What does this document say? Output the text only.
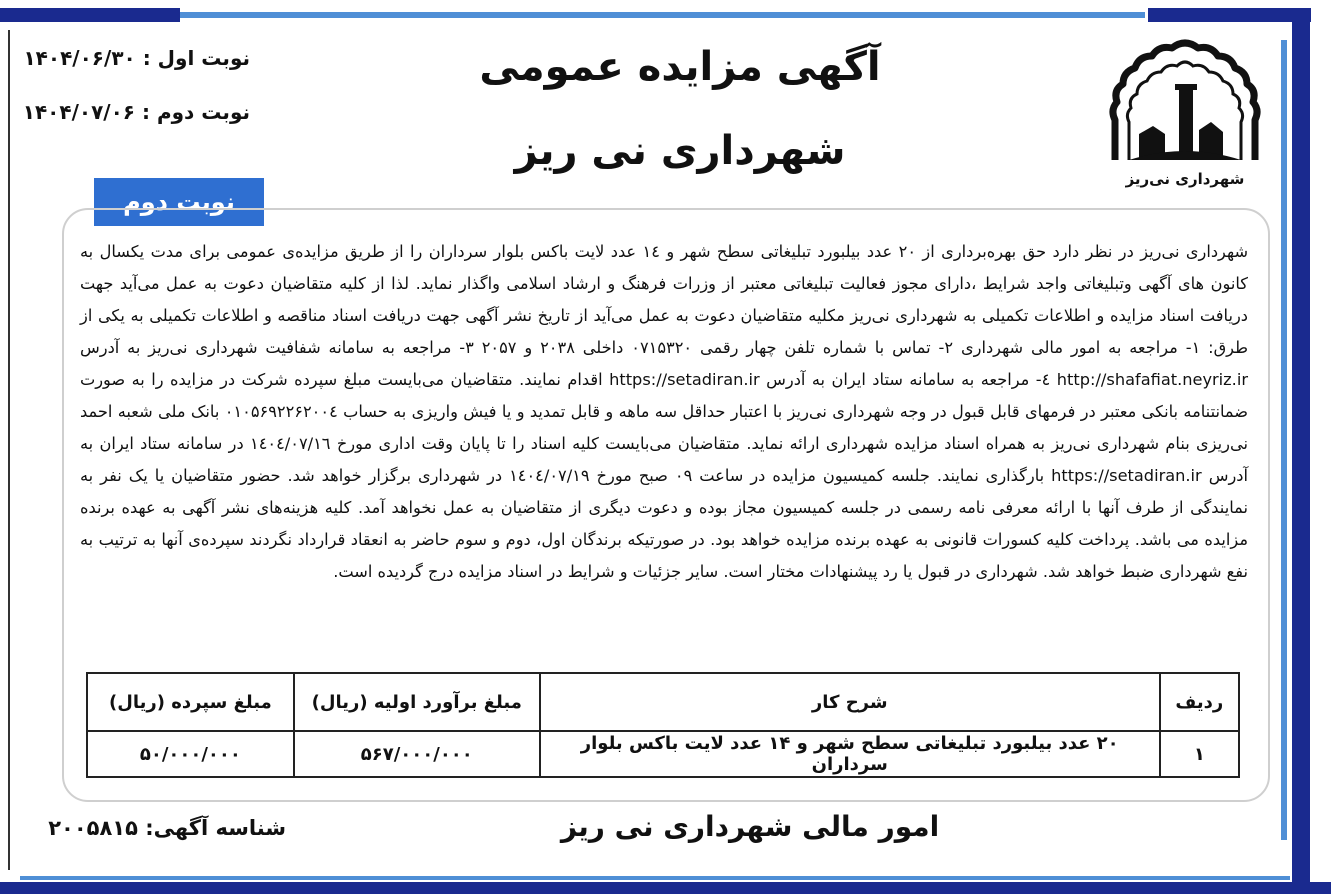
شهرداری نی‌ریز
آگهی مزایده عمومی
شهرداری نی ریز
نوبت اول : ۱۴۰۴/۰۶/۳۰
نوبت دوم : ۱۴۰۴/۰۷/۰۶
نوبت دوم
شهرداری نی‌ریز در نظر دارد حق بهره‌برداری از ۲۰ عدد بیلبورد تبلیغاتی سطح شهر و ۱٤ عدد لایت باکس بلوار سرداران را از طریق مزایده‌ی عمومی برای مدت یکسال به کانون های آگهی وتبلیغاتی واجد شرایط ،دارای مجوز فعالیت تبلیغاتی معتبر از وزرات فرهنگ و ارشاد اسلامی واگذار نماید. لذا از کلیه متقاضیان دعوت به عمل می‌آید جهت دریافت اسناد مزایده و اطلاعات تکمیلی به شهرداری نی‌ریز مکلیه متقاضیان دعوت به عمل می‌آید از تاریخ نشر آگهی جهت دریافت اسناد مناقصه و اطلاعات تکمیلی به یکی از طرق: ۱- مراجعه به امور مالی شهرداری ۲- تماس با شماره تلفن چهار رقمی ۰۷۱۵۳۲۰ داخلی ۲۰۳۸ و ۲۰۵۷ ۳- مراجعه به سامانه شفافیت شهرداری نی‌ریز به آدرس http://shafafiat.neyriz.ir ٤- مراجعه به سامانه ستاد ایران به آدرس https://setadiran.ir اقدام نمایند. متقاضیان می‌بایست مبلغ سپرده شرکت در مزایده را به صورت ضمانتنامه بانکی معتبر در فرمهای قابل قبول در وجه شهرداری نی‌ریز با اعتبار حداقل سه ماهه و قابل تمدید و یا فیش واریزی به حساب ۰۱۰۵۶۹۲۲۶۲۰۰٤ بانک ملی شعبه احمد نی‌ریزی بنام شهرداری نی‌ریز به همراه اسناد مزایده شهرداری ارائه نماید. متقاضیان می‌بایست کلیه اسناد را تا پایان وقت اداری مورخ ۱٤۰٤/۰۷/۱٦ در سامانه ستاد ایران به آدرس https://setadiran.ir بارگذاری نمایند. جلسه کمیسیون مزایده در ساعت ۰۹ صبح مورخ ۱٤۰٤/۰۷/۱۹ در شهرداری برگزار خواهد شد. حضور متقاضیان یا یک نفر به نمایندگی از طرف آنها با ارائه معرفی نامه رسمی در جلسه کمیسیون مجاز بوده و دعوت دیگری از متقاضیان به عمل نخواهد آمد. کلیه هزینه‌های نشر آگهی به عهده برنده مزایده می باشد. پرداخت کلیه کسورات قانونی به عهده برنده مزایده خواهد بود. در صورتیکه برندگان اول، دوم و سوم حاضر به انعقاد قرارداد نگردند سپرده‌ی آنها به ترتیب به نفع شهرداری ضبط خواهد شد. شهرداری در قبول یا رد پیشنهادات مختار است. سایر جزئیات و شرایط در اسناد مزایده درج گردیده است.
ردیف	شرح کار	مبلغ برآورد اولیه (ریال)	مبلغ سپرده (ریال)
۱	۲۰ عدد بیلبورد تبلیغاتی سطح شهر و ۱۴ عدد لایت باکس بلوار سرداران	۵۶۷/۰۰۰/۰۰۰	۵۰/۰۰۰/۰۰۰
امور مالی شهرداری نی ریز
شناسه آگهی: ۲۰۰۵۸۱۵
